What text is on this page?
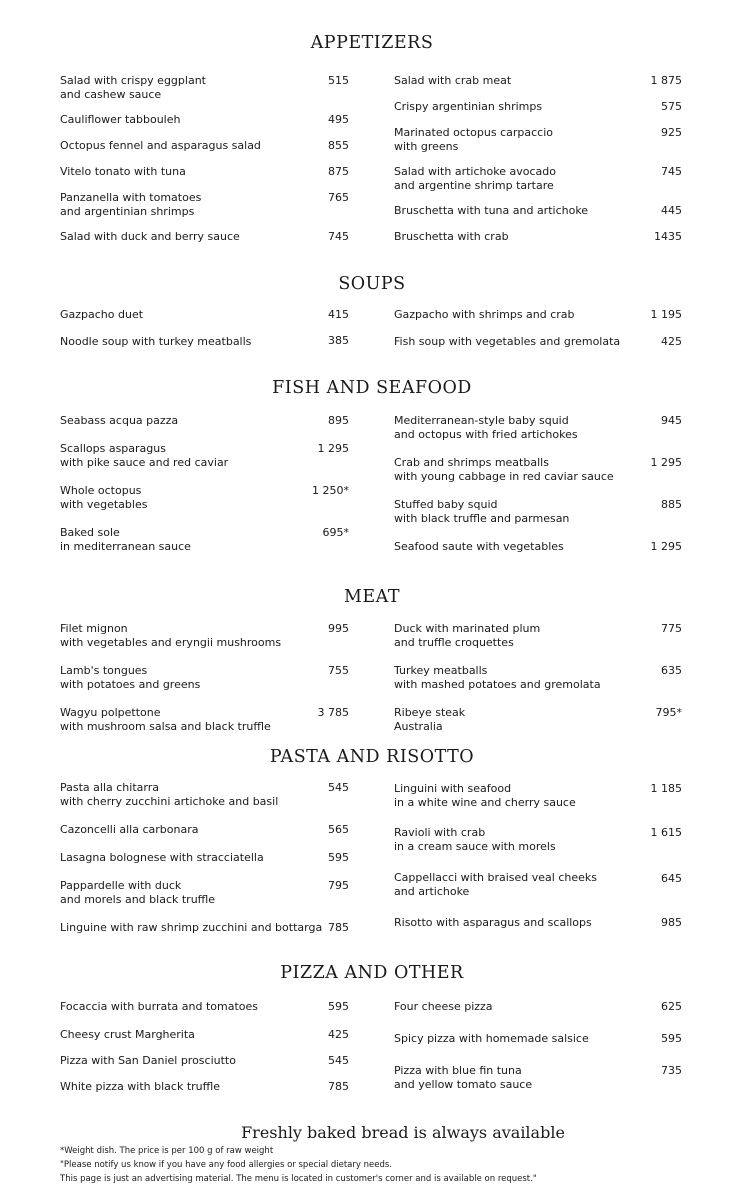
APPETIZERS
SOUPS
FISH AND SEAFOOD
MEAT
PASTA AND RISOTTO
PIZZA AND OTHER
Salad with crispy eggplant
and cashew sauce
515
Cauliflower tabbouleh	495
Octopus fennel and asparagus salad	855
Vitelo tonato with tuna	875
Panzanella with tomatoes
and argentinian shrimps
765
Salad with duck and berry sauce	745
Salad with crab meat	1 875
Crispy argentinian shrimps	575
Marinated octopus carpaccio
with greens
925
Salad with artichoke avocado
and argentine shrimp tartare
745
Bruschetta with tuna and artichoke	445
Bruschetta with crab	1435
Gazpacho duet	415
Noodle soup with turkey meatballs	385
Gazpacho with shrimps and crab	1 195
Fish soup with vegetables and gremolata	425
Seabass acqua pazza	895
Scallops asparagus
with pike sauce and red caviar
1 295
Whole octopus
with vegetables
1 250*
Baked sole
in mediterranean sauce
695*
Mediterranean-style baby squid
and octopus with fried artichokes
945
Crab and shrimps meatballs
with young cabbage in red caviar sauce
1 295
Stuffed baby squid
with black truffle and parmesan
885
Seafood saute with vegetables	1 295
Filet mignon
with vegetables and eryngii mushrooms
995
Lamb's tongues
with potatoes and greens
755
Wagyu polpettone
with mushroom salsa and black truffle
3 785
Duck with marinated plum
and truffle croquettes
775
Turkey meatballs
with mashed potatoes and gremolata
635
Ribeye steak
Australia
795*
Pasta alla chitarra
with cherry zucchini artichoke and basil
545
Cazoncelli alla carbonara	565
Lasagna bolognese with stracciatella	595
Pappardelle with duck
and morels and black truffle
795
Linguine with raw shrimp zucchini and bottarga 785
Linguini with seafood
in a white wine and cherry sauce
1 185
Ravioli with crab
in a cream sauce with morels
1 615
Cappellacci with braised veal cheeks
and artichoke
645
Risotto with asparagus and scallops	985
Focaccia with burrata and tomatoes	595
Cheesy crust Margherita	425
Pizza with San Daniel prosciutto	545
White pizza with black truffle	785
Four cheese pizza	625
Spicy pizza with homemade salsice	595
Pizza with blue fin tuna
and yellow tomato sauce
735
Freshly baked bread is always available
*Weight dish. The price is per 100 g of raw weight
"Please notify us know if you have any food allergies or special dietary needs.
This page is just an advertising material. The menu is located in customer's corner and is available on request."
